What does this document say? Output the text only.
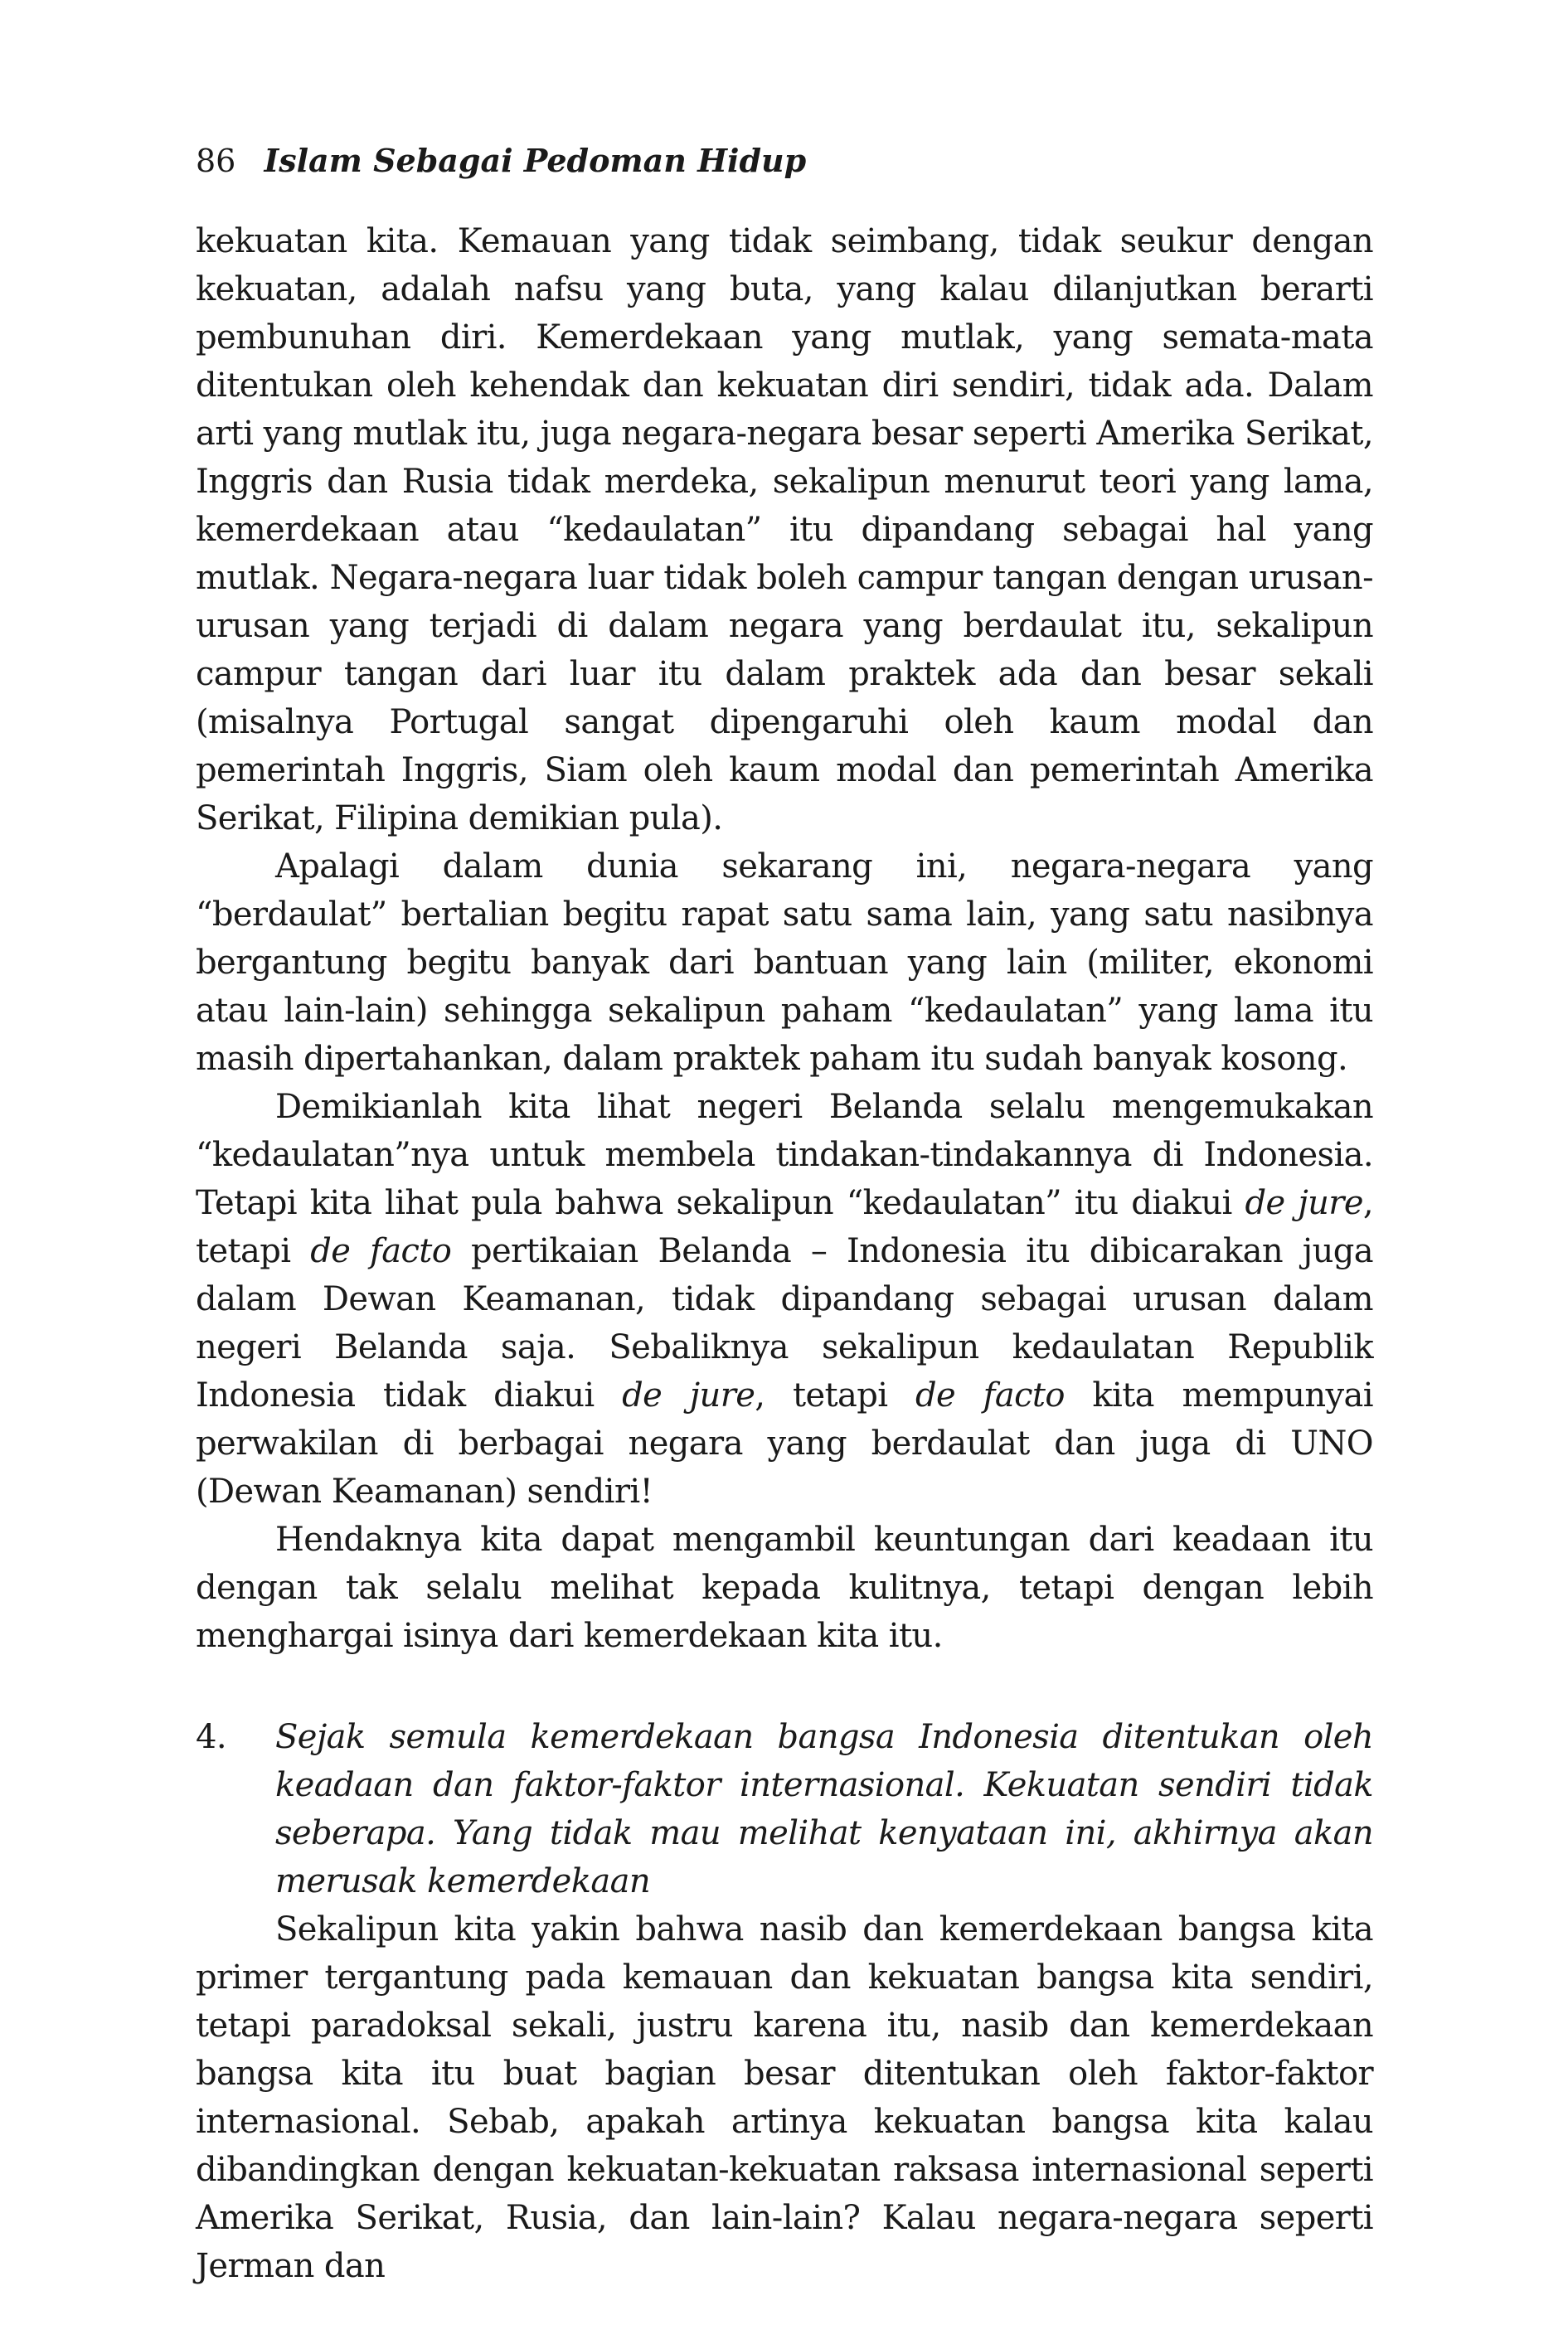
86 Islam Sebagai Pedoman Hidup

kekuatan kita. Kemauan yang tidak seimbang, tidak seukur dengan kekuatan, adalah nafsu yang buta, yang kalau dilanjutkan berarti pembunuhan diri. Kemerdekaan yang mutlak, yang semata-mata ditentukan oleh kehendak dan kekuatan diri sendiri, tidak ada. Dalam arti yang mutlak itu, juga negara-negara besar seperti Amerika Serikat, Inggris dan Rusia tidak merdeka, sekalipun menurut teori yang lama, kemerdekaan atau “kedaulatan” itu dipandang sebagai hal yang mutlak. Negara-negara luar tidak boleh campur tangan dengan urusan-urusan yang terjadi di dalam negara yang berdaulat itu, sekalipun campur tangan dari luar itu dalam praktek ada dan besar sekali (misalnya Portugal sangat dipengaruhi oleh kaum modal dan pemerintah Inggris, Siam oleh kaum modal dan pemerintah Amerika Serikat, Filipina demikian pula).

Apalagi dalam dunia sekarang ini, negara-negara yang “berdaulat” bertalian begitu rapat satu sama lain, yang satu nasibnya bergantung begitu banyak dari bantuan yang lain (militer, ekonomi atau lain-lain) sehingga sekalipun paham “kedaulatan” yang lama itu masih dipertahankan, dalam praktek paham itu sudah banyak kosong.

Demikianlah kita lihat negeri Belanda selalu mengemukakan “kedaulatan”nya untuk membela tindakan-tindakannya di Indonesia. Tetapi kita lihat pula bahwa sekalipun “kedaulatan” itu diakui de jure, tetapi de facto pertikaian Belanda – Indonesia itu dibicarakan juga dalam Dewan Keamanan, tidak dipandang sebagai urusan dalam negeri Belanda saja. Sebaliknya sekalipun kedaulatan Republik Indonesia tidak diakui de jure, tetapi de facto kita mempunyai perwakilan di berbagai negara yang berdaulat dan juga di UNO (Dewan Keamanan) sendiri!

Hendaknya kita dapat mengambil keuntungan dari keadaan itu dengan tak selalu melihat kepada kulitnya, tetapi dengan lebih menghargai isinya dari kemerdekaan kita itu.

4.	Sejak semula kemerdekaan bangsa Indonesia ditentukan oleh keadaan dan faktor-faktor internasional. Kekuatan sendiri tidak seberapa. Yang tidak mau melihat kenyataan ini, akhirnya akan merusak kemerdekaan

Sekalipun kita yakin bahwa nasib dan kemerdekaan bangsa kita primer tergantung pada kemauan dan kekuatan bangsa kita sendiri, tetapi paradoksal sekali, justru karena itu, nasib dan kemerdekaan bangsa kita itu buat bagian besar ditentukan oleh faktor-faktor internasional. Sebab, apakah artinya kekuatan bangsa kita kalau dibandingkan dengan kekuatan-kekuatan raksasa internasional seperti Amerika Serikat, Rusia, dan lain-lain? Kalau negara-negara seperti Jerman dan
